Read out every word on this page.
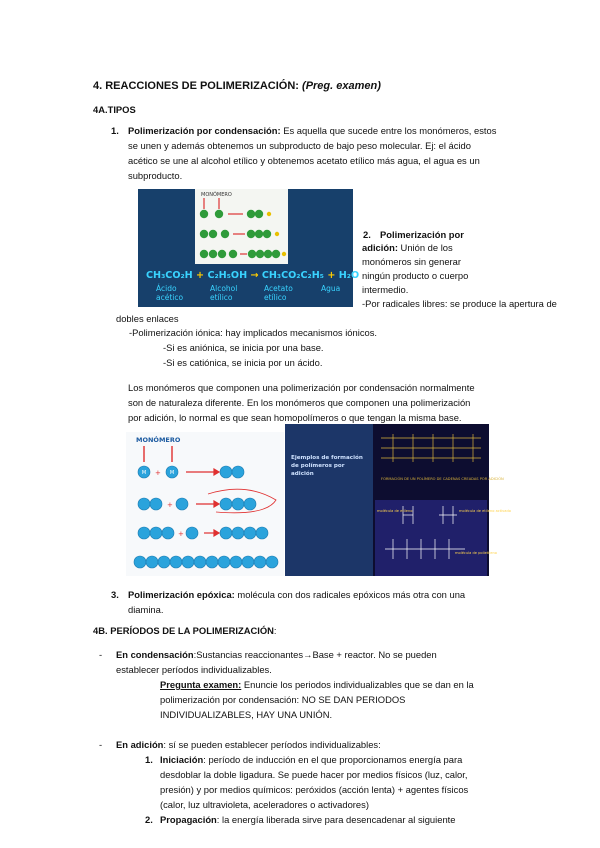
4. REACCIONES DE POLIMERIZACIÓN: (Preg. examen)
4A.TIPOS
1. Polimerización por condensación: Es aquella que sucede entre los monómeros, estos
se unen y además obtenemos un subproducto de bajo peso molecular. Ej: el ácido
acético se une al alcohol etílico y obtenemos acetato etílico más agua, el agua es un
subproducto.
MONÓMERO
CH₃CO₂H + C₂H₅OH → CH₃CO₂C₂H₅ + H₂O
Ácido
acético
Alcohol
etílico
Acetato
etílico
Agua
2. Polimerización por
adición: Unión de los
monómeros sin generar
ningún producto o cuerpo
intermedio.
-Por radicales libres: se produce la apertura de
dobles enlaces
-Polimerización iónica: hay implicados mecanismos iónicos.
-Si es aniónica, se inicia por una base.
-Si es catiónica, se inicia por un ácido.
Los monómeros que componen una polimerización por condensación normalmente
son de naturaleza diferente. En los monómeros que componen una polimerización
por adición, lo normal es que sean homopolímeros o que tengan la misma base.
MONÓMERO
M	M
+
+
+
Ejemplos de formación de polímeros por adición
FORMACIÓN DE UN POLÍMERO DE CADENAS CREADAS POR ADICIÓN
molécula de etileno	molécula de etileno activado
molécula de polietileno
3. Polimerización epóxica: molécula con dos radicales epóxicos más otra con una
diamina.
4B. PERÍODOS DE LA POLIMERIZACIÓN:
- En condensación:Sustancias reaccionantes→Base + reactor. No se pueden
establecer períodos individualizables.
Pregunta examen: Enuncie los periodos individualizables que se dan en la
polimerización por condensación: NO SE DAN PERIODOS
INDIVIDUALIZABLES, HAY UNA UNIÓN.
- En adición: sí se pueden establecer períodos individualizables:
1. Iniciación: período de inducción en el que proporcionamos energía para
desdoblar la doble ligadura. Se puede hacer por medios físicos (luz, calor,
presión) y por medios químicos: peróxidos (acción lenta) + agentes físicos
(calor, luz ultravioleta, aceleradores o activadores)
2. Propagación: la energía liberada sirve para desencadenar al siguiente
